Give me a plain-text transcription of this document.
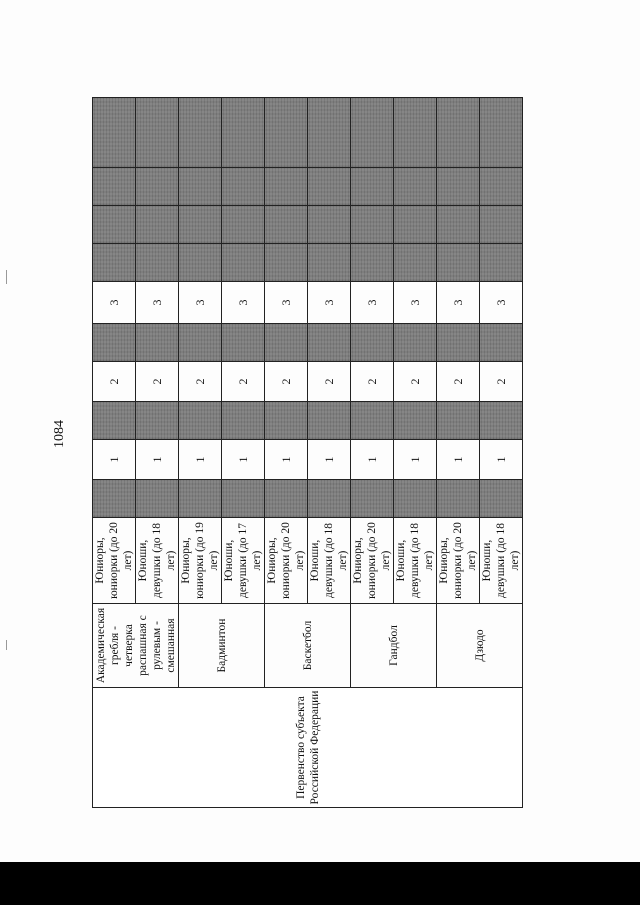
1084
Первенство субъекта Российской Федерации	Академическая гребля - четверка распашная с рулевым - смешанная	Юниоры, юниорки (до 20 лет)		1		2		3				
		Юноши, девушки (до 18 лет)		1		2		3				
	Бадминтон	Юниоры, юниорки (до 19 лет)		1		2		3				
		Юноши, девушки (до 17 лет)		1		2		3				
	Баскетбол	Юниоры, юниорки (до 20 лет)		1		2		3				
		Юноши, девушки (до 18 лет)		1		2		3				
	Гандбол	Юниоры, юниорки (до 20 лет)		1		2		3				
		Юноши, девушки (до 18 лет)		1		2		3				
	Дзюдо	Юниоры, юниорки (до 20 лет)		1		2		3				
		Юноши, девушки (до 18 лет)		1		2		3				
